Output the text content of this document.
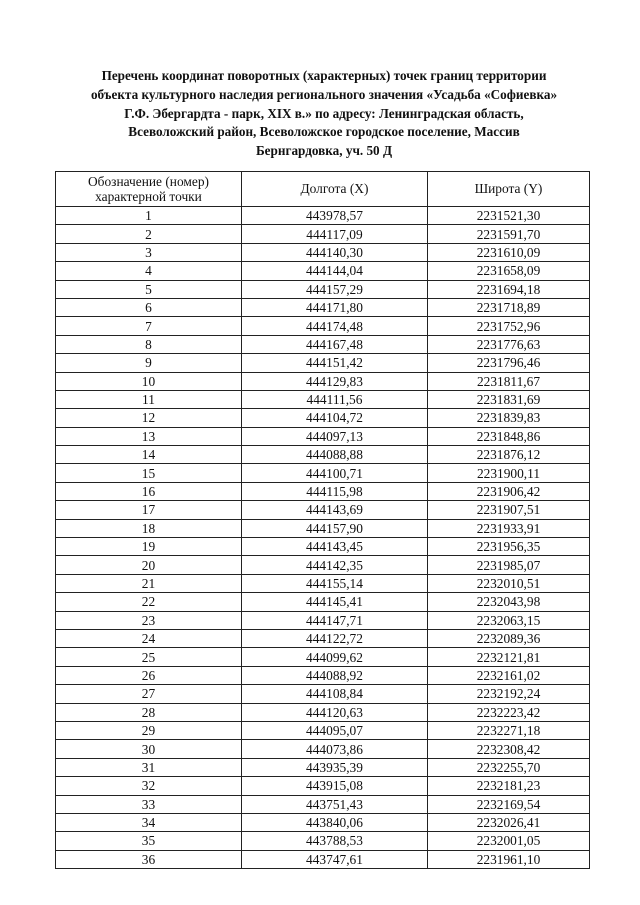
Перечень координат поворотных (характерных) точек границ территории
объекта культурного наследия регионального значения «Усадьба «Софиевка»
Г.Ф. Эбергардта - парк, XIX в.» по адресу: Ленинградская область,
Всеволожский район, Всеволожское городское поселение, Массив
Бернгардовка, уч. 50 Д
Обозначение (номер)
характерной точки	Долгота (X)	Широта (Y)
1	443978,57	2231521,30
2	444117,09	2231591,70
3	444140,30	2231610,09
4	444144,04	2231658,09
5	444157,29	2231694,18
6	444171,80	2231718,89
7	444174,48	2231752,96
8	444167,48	2231776,63
9	444151,42	2231796,46
10	444129,83	2231811,67
11	444111,56	2231831,69
12	444104,72	2231839,83
13	444097,13	2231848,86
14	444088,88	2231876,12
15	444100,71	2231900,11
16	444115,98	2231906,42
17	444143,69	2231907,51
18	444157,90	2231933,91
19	444143,45	2231956,35
20	444142,35	2231985,07
21	444155,14	2232010,51
22	444145,41	2232043,98
23	444147,71	2232063,15
24	444122,72	2232089,36
25	444099,62	2232121,81
26	444088,92	2232161,02
27	444108,84	2232192,24
28	444120,63	2232223,42
29	444095,07	2232271,18
30	444073,86	2232308,42
31	443935,39	2232255,70
32	443915,08	2232181,23
33	443751,43	2232169,54
34	443840,06	2232026,41
35	443788,53	2232001,05
36	443747,61	2231961,10
